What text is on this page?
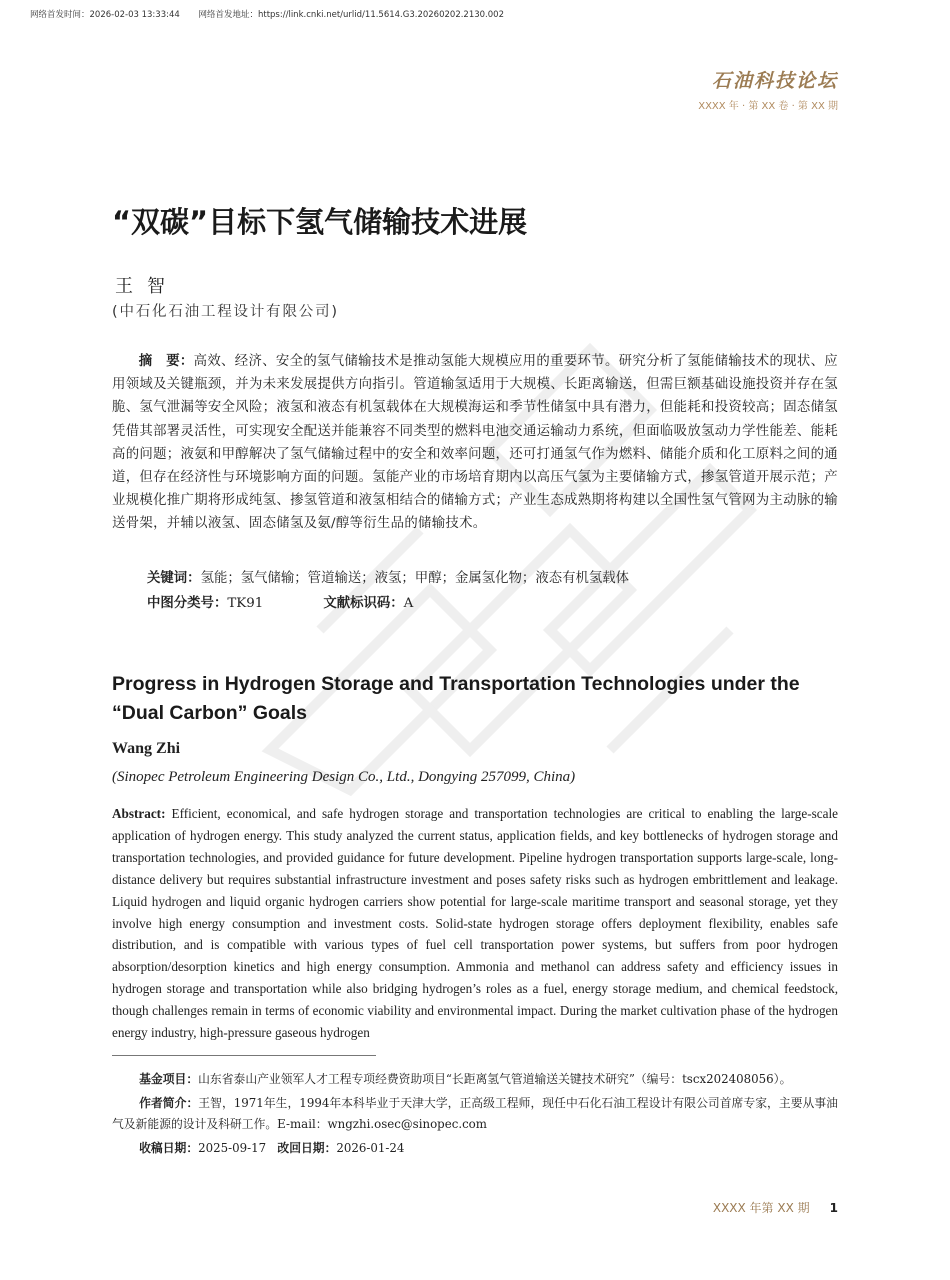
网络首发时间：2026-02-03 13:33:44 网络首发地址：https://link.cnki.net/urlid/11.5614.G3.20260202.2130.002
石油科技论坛
XXXX 年 · 第 XX 卷 · 第 XX 期
“双碳”目标下氢气储输技术进展
王智
(中石化石油工程设计有限公司)
摘　要：高效、经济、安全的氢气储输技术是推动氢能大规模应用的重要环节。研究分析了氢能储输技术的现状、应用领域及关键瓶颈，并为未来发展提供方向指引。管道输氢适用于大规模、长距离输送，但需巨额基础设施投资并存在氢脆、氢气泄漏等安全风险；液氢和液态有机氢载体在大规模海运和季节性储氢中具有潜力，但能耗和投资较高；固态储氢凭借其部署灵活性，可实现安全配送并能兼容不同类型的燃料电池交通运输动力系统，但面临吸放氢动力学性能差、能耗高的问题；液氨和甲醇解决了氢气储输过程中的安全和效率问题，还可打通氢气作为燃料、储能介质和化工原料之间的通道，但存在经济性与环境影响方面的问题。氢能产业的市场培育期内以高压气氢为主要储输方式，掺氢管道开展示范；产业规模化推广期将形成纯氢、掺氢管道和液氢相结合的储输方式；产业生态成熟期将构建以全国性氢气管网为主动脉的输送骨架，并辅以液氢、固态储氢及氨/醇等衍生品的储输技术。
关键词：氢能；氢气储输；管道输送；液氢；甲醇；金属氢化物；液态有机氢载体
中图分类号：TK91	文献标识码：A
Progress in Hydrogen Storage and Transportation Technologies under the “Dual Carbon” Goals
Wang Zhi
(Sinopec Petroleum Engineering Design Co., Ltd., Dongying 257099, China)
Abstract: Efficient, economical, and safe hydrogen storage and transportation technologies are critical to enabling the large-scale application of hydrogen energy. This study analyzed the current status, application fields, and key bottlenecks of hydrogen storage and transportation technologies, and provided guidance for future development. Pipeline hydrogen transportation supports large-scale, long-distance delivery but requires substantial infrastructure investment and poses safety risks such as hydrogen embrittlement and leakage. Liquid hydrogen and liquid organic hydrogen carriers show potential for large-scale maritime transport and seasonal storage, yet they involve high energy consumption and investment costs. Solid-state hydrogen storage offers deployment flexibility, enables safe distribution, and is compatible with various types of fuel cell transportation power systems, but suffers from poor hydrogen absorption/desorption kinetics and high energy consumption. Ammonia and methanol can address safety and efficiency issues in hydrogen storage and transportation while also bridging hydrogen’s roles as a fuel, energy storage medium, and chemical feedstock, though challenges remain in terms of economic viability and environmental impact. During the market cultivation phase of the hydrogen energy industry, high-pressure gaseous hydrogen

基金项目：山东省泰山产业领军人才工程专项经费资助项目“长距离氢气管道输送关键技术研究”（编号：tscx202408056）。

作者简介：王智，1971年生，1994年本科毕业于天津大学，正高级工程师，现任中石化石油工程设计有限公司首席专家，主要从事油气及新能源的设计及科研工作。E-mail：wngzhi.osec@sinopec.com

收稿日期：2025-09-17 改回日期：2026-01-24

XXXX 年第 XX 期 1
